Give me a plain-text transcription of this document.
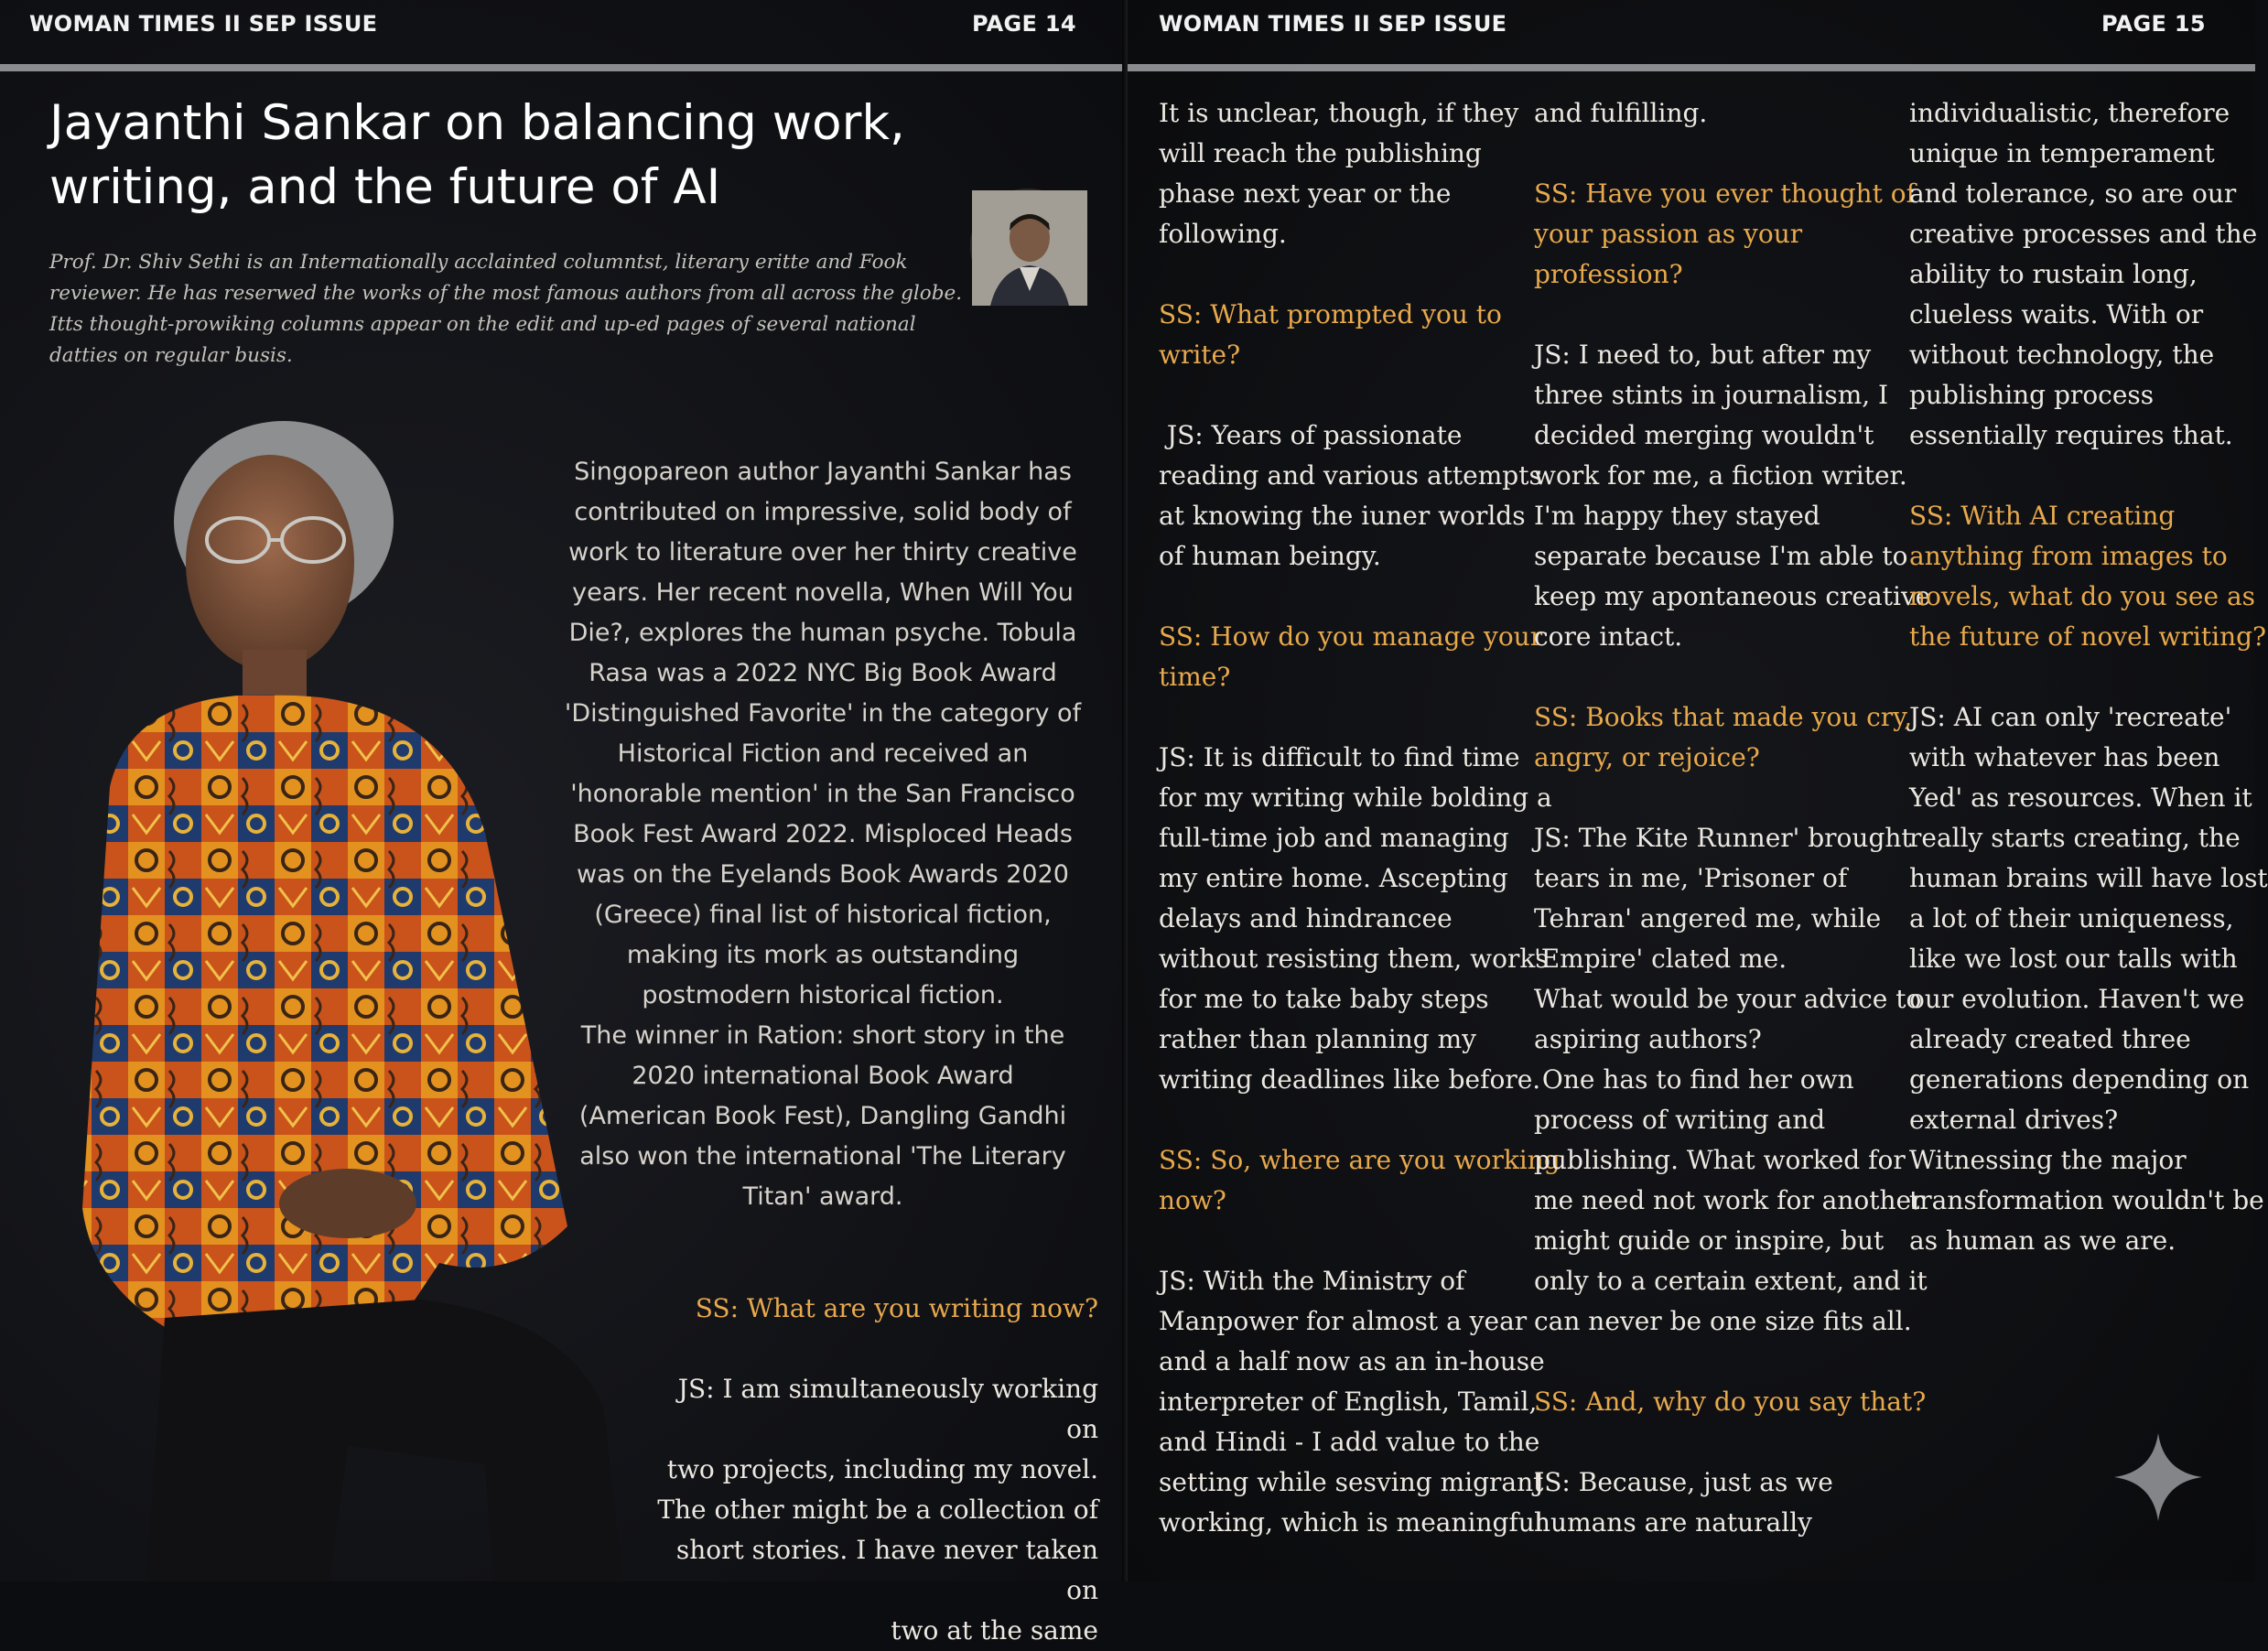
WOMAN TIMES II SEP ISSUE	PAGE 14
Jayanthi Sankar on balancing work, writing, and the future of AI

Prof. Dr. Shiv Sethi is an Internationally acclainted columntst, literary eritte and Fook reviewer. He has reserwed the works of the most famous authors from all across the globe. Itts thought-prowiking columns appear on the edit and up-ed pages of several national datties on regular busis.

Singopareon author Jayanthi Sankar has
contributed on impressive, solid body of
work to literature over her thirty creative
years. Her recent novella, When Will You
Die?, explores the human psyche. Tobula
Rasa was a 2022 NYC Big Book Award
'Distinguished Favorite' in the category of
Historical Fiction and received an
'honorable mention' in the San Francisco
Book Fest Award 2022. Misploced Heads
was on the Eyelands Book Awards 2020
(Greece) final list of historical fiction,
making its mork as outstanding
postmodern historical fiction.
The winner in Ration: short story in the
2020 international Book Award
(American Book Fest), Dangling Gandhi
also won the international 'The Literary
Titan' award.

SS: What are you writing now?

JS: I am simultaneously working on
two projects, including my novel.
The other might be a collection of
short stories. I have never taken on
two at the same
WOMAN TIMES II SEP ISSUE	PAGE 15
It is unclear, though, if they
will reach the publishing
phase next year or the
following.
SS: What prompted you to
write?
JS: Years of passionate
reading and various attempts
at knowing the iuner worlds
of human beingy.
SS: How do you manage your
time?
JS: It is difficult to find time
for my writing while bolding a
full-time job and managing
my entire home. Ascepting
delays and hindrancee
without resisting them, works
for me to take baby steps
rather than planning my
writing deadlines like before.
SS: So, where are you working
now?
JS: With the Ministry of
Manpower for almost a year
and a half now as an in-house
interpreter of English, Tamil,
and Hindi - I add value to the
setting while sesving migrant
working, which is meaningful
and fulfilling.
SS: Have you ever thought of
your passion as your
profession?
JS: I need to, but after my
three stints in journalism, I
decided merging wouldn't
work for me, a fiction writer.
I'm happy they stayed
separate because I'm able to
keep my apontaneous creative
core intact.
SS: Books that made you cry,
angry, or rejoice?
JS: The Kite Runner' brought
tears in me, 'Prisoner of
Tehran' angered me, while
'Empire' clated me.
What would be your advice to
aspiring authors?
One has to find her own
process of writing and
publishing. What worked for
me need not work for another
might guide or inspire, but
only to a certain extent, and it
can never be one size fits all.
SS: And, why do you say that?
JS: Because, just as we
humans are naturally
individualistic, therefore
unique in temperament
and tolerance, so are our
creative processes and the
ability to rustain long,
clueless waits. With or
without technology, the
publishing process
essentially requires that.
SS: With AI creating
anything from images to
novels, what do you see as
the future of novel writing?
JS: AI can only 'recreate'
with whatever has been
Yed' as resources. When it
really starts creating, the
human brains will have lost
a lot of their uniqueness,
like we lost our talls with
our evolution. Haven't we
already created three
generations depending on
external drives?
Witnessing the major
transformation wouldn't be
as human as we are.
